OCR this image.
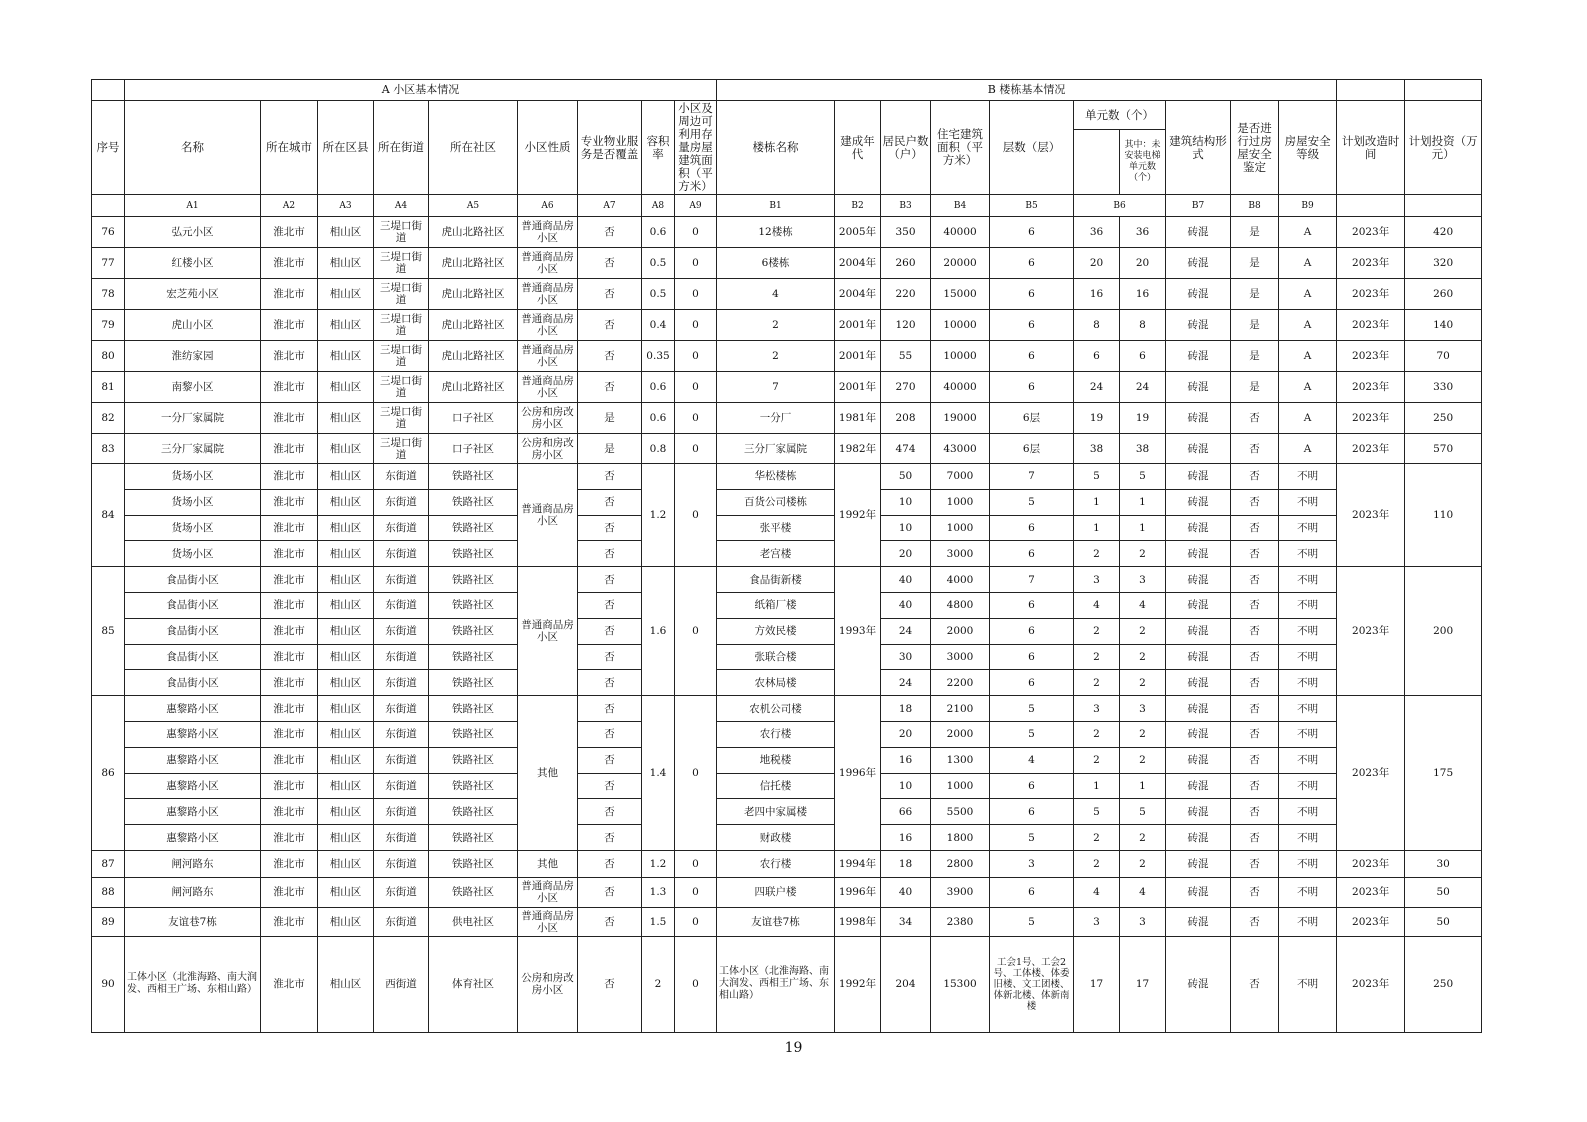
	A 小区基本情况									B 楼栋基本情况											
序号	名称	所在城市	所在区县	所在街道	所在社区	小区性质	专业物业服务是否覆盖	容积率	小区及周边可利用存量房屋建筑面积（平方米）	楼栋名称	建成年代	居民户数（户）	住宅建筑面积（平方米）	层数（层）	单元数（个）		建筑结构形式	是否进行过房屋安全鉴定	房屋安全等级	计划改造时间	计划投资（万元）
																其中：未安装电梯单元数（个）					
	A1	A2	A3	A4	A5	A6	A7	A8	A9	B1	B2	B3	B4	B5	B6		B7	B8	B9		
76	弘元小区	淮北市	相山区	三堤口街道	虎山北路社区	普通商品房小区	否	0.6	0	12楼栋	2005年	350	40000	6	36	36	砖混	是	A	2023年	420
77	红楼小区	淮北市	相山区	三堤口街道	虎山北路社区	普通商品房小区	否	0.5	0	6楼栋	2004年	260	20000	6	20	20	砖混	是	A	2023年	320
78	宏芝苑小区	淮北市	相山区	三堤口街道	虎山北路社区	普通商品房小区	否	0.5	0	4	2004年	220	15000	6	16	16	砖混	是	A	2023年	260
79	虎山小区	淮北市	相山区	三堤口街道	虎山北路社区	普通商品房小区	否	0.4	0	2	2001年	120	10000	6	8	8	砖混	是	A	2023年	140
80	淮纺家园	淮北市	相山区	三堤口街道	虎山北路社区	普通商品房小区	否	0.35	0	2	2001年	55	10000	6	6	6	砖混	是	A	2023年	70
81	南黎小区	淮北市	相山区	三堤口街道	虎山北路社区	普通商品房小区	否	0.6	0	7	2001年	270	40000	6	24	24	砖混	是	A	2023年	330
82	一分厂家属院	淮北市	相山区	三堤口街道	口子社区	公房和房改房小区	是	0.6	0	一分厂	1981年	208	19000	6层	19	19	砖混	否	A	2023年	250
83	三分厂家属院	淮北市	相山区	三堤口街道	口子社区	公房和房改房小区	是	0.8	0	三分厂家属院	1982年	474	43000	6层	38	38	砖混	否	A	2023年	570
84	货场小区	淮北市	相山区	东街道	铁路社区	普通商品房小区	否	1.2	0	华松楼栋	1992年	50	7000	7	5	5	砖混	否	不明	2023年	110
	货场小区	淮北市	相山区	东街道	铁路社区		否			百货公司楼栋		10	1000	5	1	1	砖混	否	不明		
	货场小区	淮北市	相山区	东街道	铁路社区		否			张平楼		10	1000	6	1	1	砖混	否	不明		
	货场小区	淮北市	相山区	东街道	铁路社区		否			老宫楼		20	3000	6	2	2	砖混	否	不明		
85	食品街小区	淮北市	相山区	东街道	铁路社区	普通商品房小区	否	1.6	0	食品街新楼	1993年	40	4000	7	3	3	砖混	否	不明	2023年	200
	食品街小区	淮北市	相山区	东街道	铁路社区		否			纸箱厂楼		40	4800	6	4	4	砖混	否	不明		
	食品街小区	淮北市	相山区	东街道	铁路社区		否			方效民楼		24	2000	6	2	2	砖混	否	不明		
	食品街小区	淮北市	相山区	东街道	铁路社区		否			张联合楼		30	3000	6	2	2	砖混	否	不明		
	食品街小区	淮北市	相山区	东街道	铁路社区		否			农林局楼		24	2200	6	2	2	砖混	否	不明		
86	惠黎路小区	淮北市	相山区	东街道	铁路社区	其他	否	1.4	0	农机公司楼	1996年	18	2100	5	3	3	砖混	否	不明	2023年	175
	惠黎路小区	淮北市	相山区	东街道	铁路社区		否			农行楼		20	2000	5	2	2	砖混	否	不明		
	惠黎路小区	淮北市	相山区	东街道	铁路社区		否			地税楼		16	1300	4	2	2	砖混	否	不明		
	惠黎路小区	淮北市	相山区	东街道	铁路社区		否			信托楼		10	1000	6	1	1	砖混	否	不明		
	惠黎路小区	淮北市	相山区	东街道	铁路社区		否			老四中家属楼		66	5500	6	5	5	砖混	否	不明		
	惠黎路小区	淮北市	相山区	东街道	铁路社区		否			财政楼		16	1800	5	2	2	砖混	否	不明		
87	闸河路东	淮北市	相山区	东街道	铁路社区	其他	否	1.2	0	农行楼	1994年	18	2800	3	2	2	砖混	否	不明	2023年	30
88	闸河路东	淮北市	相山区	东街道	铁路社区	普通商品房小区	否	1.3	0	四联户楼	1996年	40	3900	6	4	4	砖混	否	不明	2023年	50
89	友谊巷7栋	淮北市	相山区	东街道	供电社区	普通商品房小区	否	1.5	0	友谊巷7栋	1998年	34	2380	5	3	3	砖混	否	不明	2023年	50
90	工体小区（北淮海路、南大润发、西相王广场、东相山路）	淮北市	相山区	西街道	体育社区	公房和房改房小区	否	2	0	工体小区（北淮海路、南大润发、西相王广场、东相山路）	1992年	204	15300	工会1号、工会2号、工体楼、体委旧楼、文工团楼、体新北楼、体新南楼	17	17	砖混	否	不明	2023年	250
19
